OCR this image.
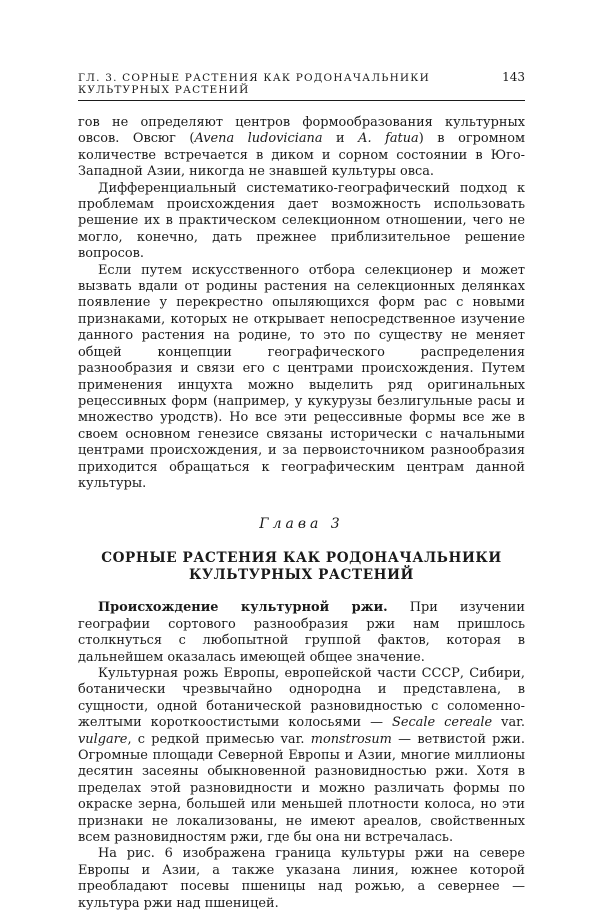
ГЛ. 3. СОРНЫЕ РАСТЕНИЯ КАК РОДОНАЧАЛЬНИКИ КУЛЬТУРНЫХ РАСТЕНИЙ
143

гов не определяют центров формообразования культурных овсов. Овсюг (Avena ludoviciana и A. fatua) в огромном количестве встречается в диком и сорном состоянии в Юго-Западной Азии, никогда не знавшей культуры овса.

Дифференциальный систематико-географический подход к проблемам происхождения дает возможность использовать решение их в практическом селекционном отношении, чего не могло, конечно, дать прежнее приблизительное решение вопросов.

Если путем искусственного отбора селекционер и может вызвать вдали от родины растения на селекционных делянках появление у перекрестно опыляющихся форм рас с новыми признаками, которых не открывает непосредственное изучение данного растения на родине, то это по существу не меняет общей концепции географического распределения разнообразия и связи его с центрами происхождения. Путем применения инцухта можно выделить ряд оригинальных рецессивных форм (например, у кукурузы безлигульные расы и множество уродств). Но все эти рецессивные формы все же в своем основном генезисе связаны исторически с начальными центрами происхождения, и за первоисточником разнообразия приходится обращаться к географическим центрам данной культуры.

Глава 3
СОРНЫЕ РАСТЕНИЯ КАК РОДОНАЧАЛЬНИКИ
КУЛЬТУРНЫХ РАСТЕНИЙ

Происхождение культурной ржи. При изучении географии сортового разнообразия ржи нам пришлось столкнуться с любопытной группой фактов, которая в дальнейшем оказалась имеющей общее значение.

Культурная рожь Европы, европейской части СССР, Сибири, ботанически чрезвычайно однородна и представлена, в сущности, одной ботанической разновидностью с соломенно-желтыми короткоостистыми колосьями — Secale cereale var. vulgare, с редкой примесью var. monstrosum — ветвистой ржи. Огромные площади Северной Европы и Азии, многие миллионы десятин засеяны обыкновенной разновидностью ржи. Хотя в пределах этой разновидности и можно различать формы по окраске зерна, большей или меньшей плотности колоса, но эти признаки не локализованы, не имеют ареалов, свойственных всем разновидностям ржи, где бы она ни встречалась.

На рис. 6 изображена граница культуры ржи на севере Европы и Азии, а также указана линия, южнее которой преобладают посевы пшеницы над рожью, а севернее — культура ржи над пшеницей.
